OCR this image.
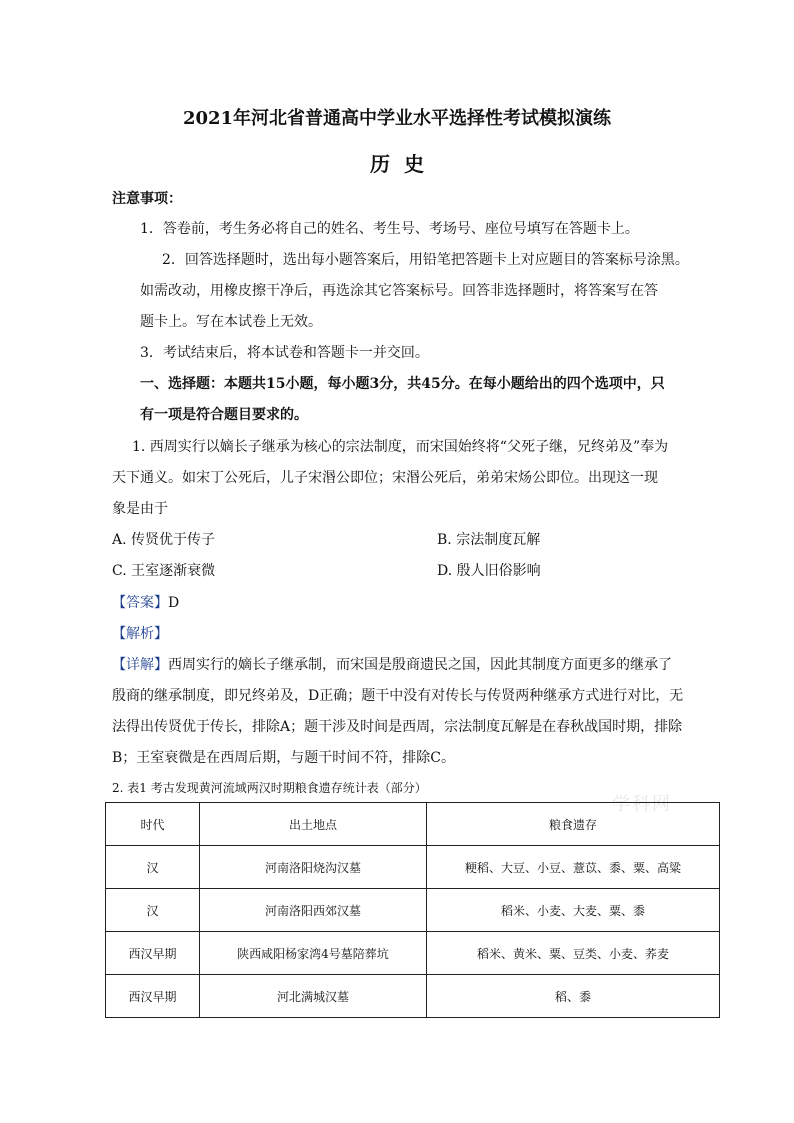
2021年河北省普通高中学业水平选择性考试模拟演练
历史
注意事项：
1．答卷前，考生务必将自己的姓名、考生号、考场号、座位号填写在答题卡上。
2．回答选择题时，选出每小题答案后，用铅笔把答题卡上对应题目的答案标号涂黑。
如需改动，用橡皮擦干净后，再选涂其它答案标号。回答非选择题时，将答案写在答
题卡上。写在本试卷上无效。
3．考试结束后，将本试卷和答题卡一并交回。
一、选择题：本题共15小题，每小题3分，共45分。在每小题给出的四个选项中，只
有一项是符合题目要求的。
1. 西周实行以嫡长子继承为核心的宗法制度，而宋国始终将“父死子继，兄终弟及”奉为
天下通义。如宋丁公死后，儿子宋湣公即位；宋湣公死后，弟弟宋炀公即位。出现这一现
象是由于
A. 传贤优于传子	B. 宗法制度瓦解
C. 王室逐渐衰微	D. 殷人旧俗影响
【答案】D
【解析】
【详解】西周实行的嫡长子继承制，而宋国是殷商遗民之国，因此其制度方面更多的继承了
殷商的继承制度，即兄终弟及，D正确；题干中没有对传长与传贤两种继承方式进行对比，无
法得出传贤优于传长，排除A；题干涉及时间是西周，宗法制度瓦解是在春秋战国时期，排除
B；王室衰微是在西周后期，与题干时间不符，排除C。
2. 表1 考古发现黄河流域两汉时期粮食遗存统计表（部分）
学科网
时代	出土地点	粮食遗存
汉	河南洛阳烧沟汉墓	粳稻、大豆、小豆、薏苡、黍、粟、高粱
汉	河南洛阳西郊汉墓	稻米、小麦、大麦、粟、黍
西汉早期	陕西咸阳杨家湾4号墓陪葬坑	稻米、黄米、粟、豆类、小麦、荞麦
西汉早期	河北满城汉墓	稻、黍
